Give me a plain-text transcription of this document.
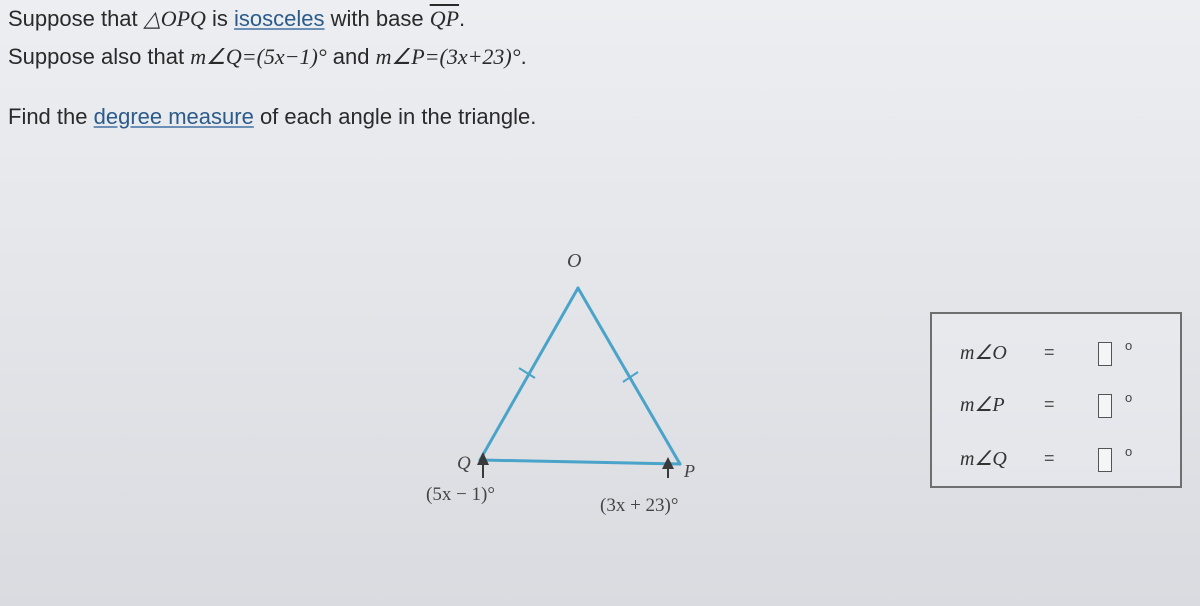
Suppose that △OPQ is isosceles with base $\overline{QP}$.
Suppose also that m∠Q=(5x−1)° and m∠P=(3x+23)°.
Find the degree measure of each angle in the triangle.
O
Q	P
(5x − 1)°
(3x + 23)°
m∠O =	o
m∠P =	o
m∠Q =	o
